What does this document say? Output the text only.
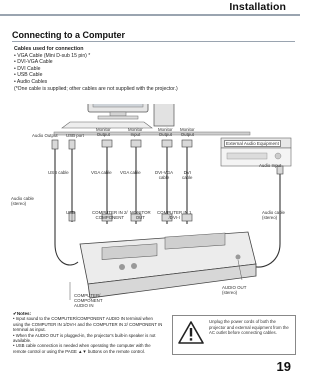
Installation
Connecting to a Computer
Cables used for connection
• VGA Cable (Mini D-sub 15 pin) *
• DVI-VGA Cable
• DVI Cable
• USB Cable
• Audio Cables
(*One cable is supplied; other cables are not supplied with the projector.)
Audio Output USB port
Monitor
Output
Monitor
Input
Monitor
Output
Monitor
Output
External Audio Equipment
Audio Input
USB cable	VGA cable VGA cable	DVI-VGA
cable
DVI
cable
Audio cable
(stereo)
Audio cable
(stereo)
USB	COMPUTER IN 2/
COMPONENT
MONITOR
OUT
COMPUTER IN 1
/DVI-I
AUDIO OUT
(stereo)
COMPUTER/
COMPONENT
AUDIO IN
✔Notes:
• Input sound to the COMPUTER/COMPONENT AUDIO IN terminal when using the COMPUTER IN 1/DVI-I and the COMPUTER IN 2/ COMPONENT IN terminal as input.
• When the AUDIO OUT is plugged-in, the projector's built-in speaker is not available.
• USB cable connection is needed when operating the computer with the remote control or using the PAGE ▲▼ buttons on the remote control.
Unplug the power cords of both the projector and external equipment from the AC outlet before connecting cables.
19
